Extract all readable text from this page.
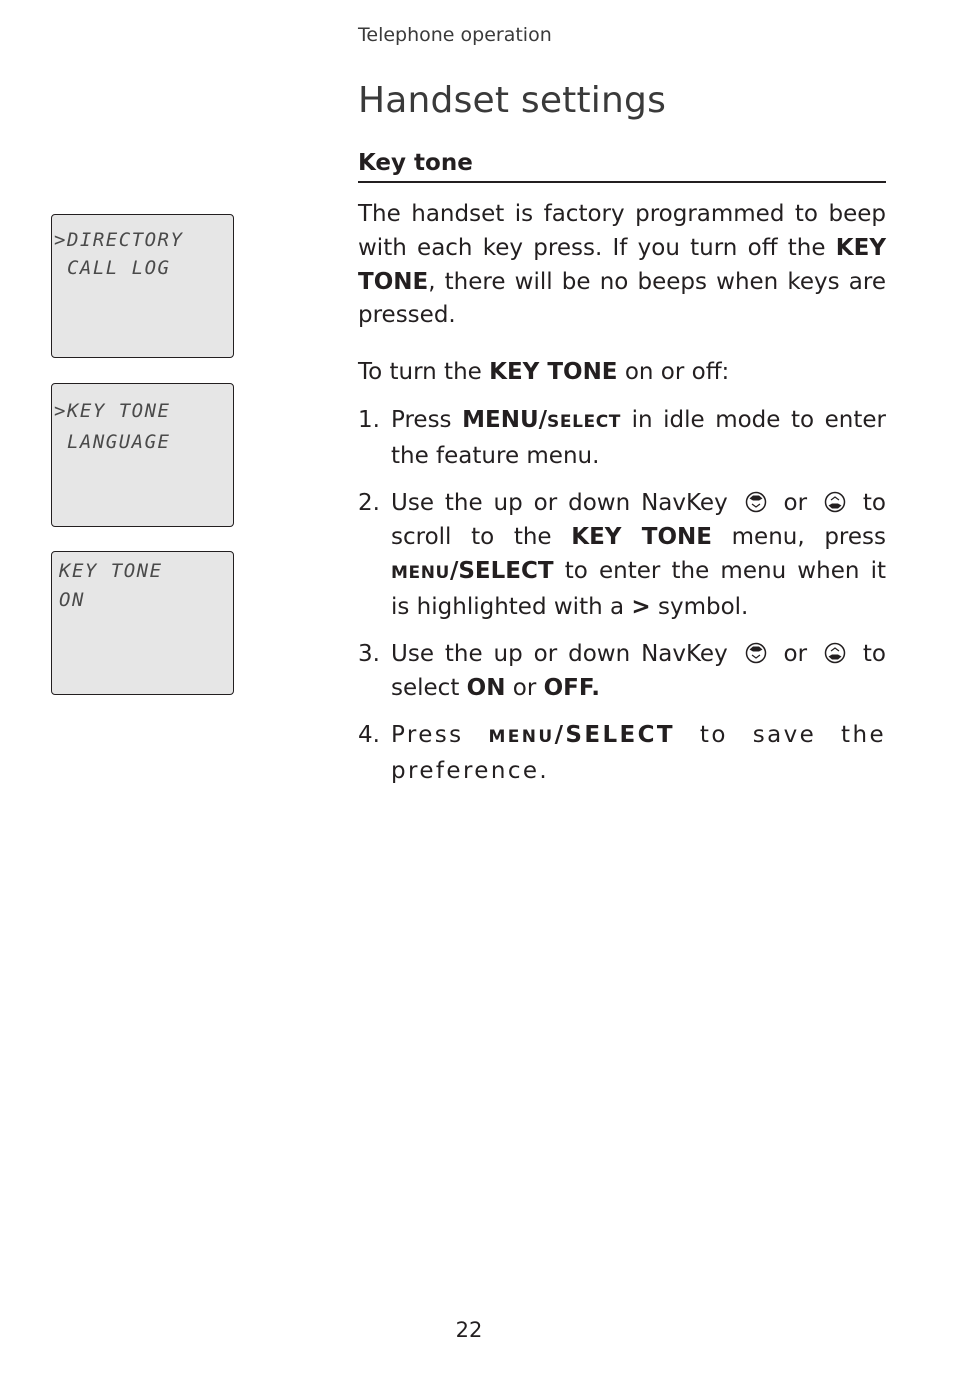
Telephone operation
Handset settings
Key tone

The handset is factory programmed to beep with each key press. If you turn off the KEY TONE, there will be no beeps when keys are pressed.

To turn the KEY TONE on or off:

1. Press MENU/SELECT in idle mode to enter the feature menu.
2. Use the up or down NavKey or to scroll to the KEY TONE menu, press MENU/SELECT to enter the menu when it is highlighted with a > symbol.
3. Use the up or down NavKey or to select ON or OFF.
4. Press MENU/SELECT to save the preference.
>DIRECTORY
CALL LOG
>KEY TONE
LANGUAGE
KEY TONE
ON
22
